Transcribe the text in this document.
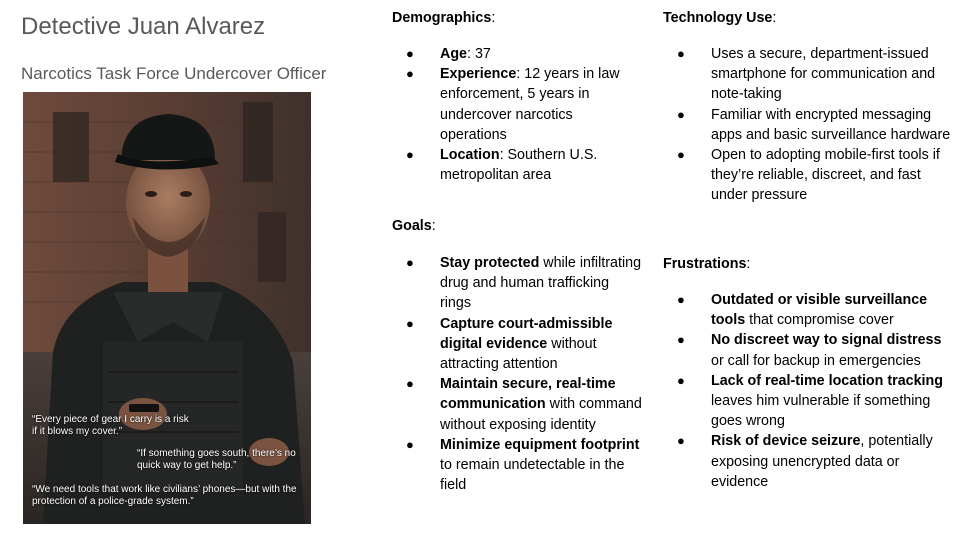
Detective Juan Alvarez
Narcotics Task Force Undercover Officer
“Every piece of gear I carry is a risk if it blows my cover.”
“If something goes south, there’s no quick way to get help.”
“We need tools that work like civilians’ phones—but with the protection of a police-grade system.”
Demographics:
● Age: 37
● Experience: 12 years in law enforcement, 5 years in undercover narcotics operations
● Location: Southern U.S. metropolitan area
Goals:
● Stay protected while infiltrating drug and human trafficking rings
● Capture court-admissible digital evidence without attracting attention
● Maintain secure, real-time communication with command without exposing identity
● Minimize equipment footprint to remain undetectable in the field
Technology Use:
● Uses a secure, department-issued smartphone for communication and note-taking
● Familiar with encrypted messaging apps and basic surveillance hardware
● Open to adopting mobile-first tools if they’re reliable, discreet, and fast under pressure
Frustrations:
● Outdated or visible surveillance tools that compromise cover
● No discreet way to signal distress or call for backup in emergencies
● Lack of real-time location tracking leaves him vulnerable if something goes wrong
● Risk of device seizure, potentially exposing unencrypted data or evidence
